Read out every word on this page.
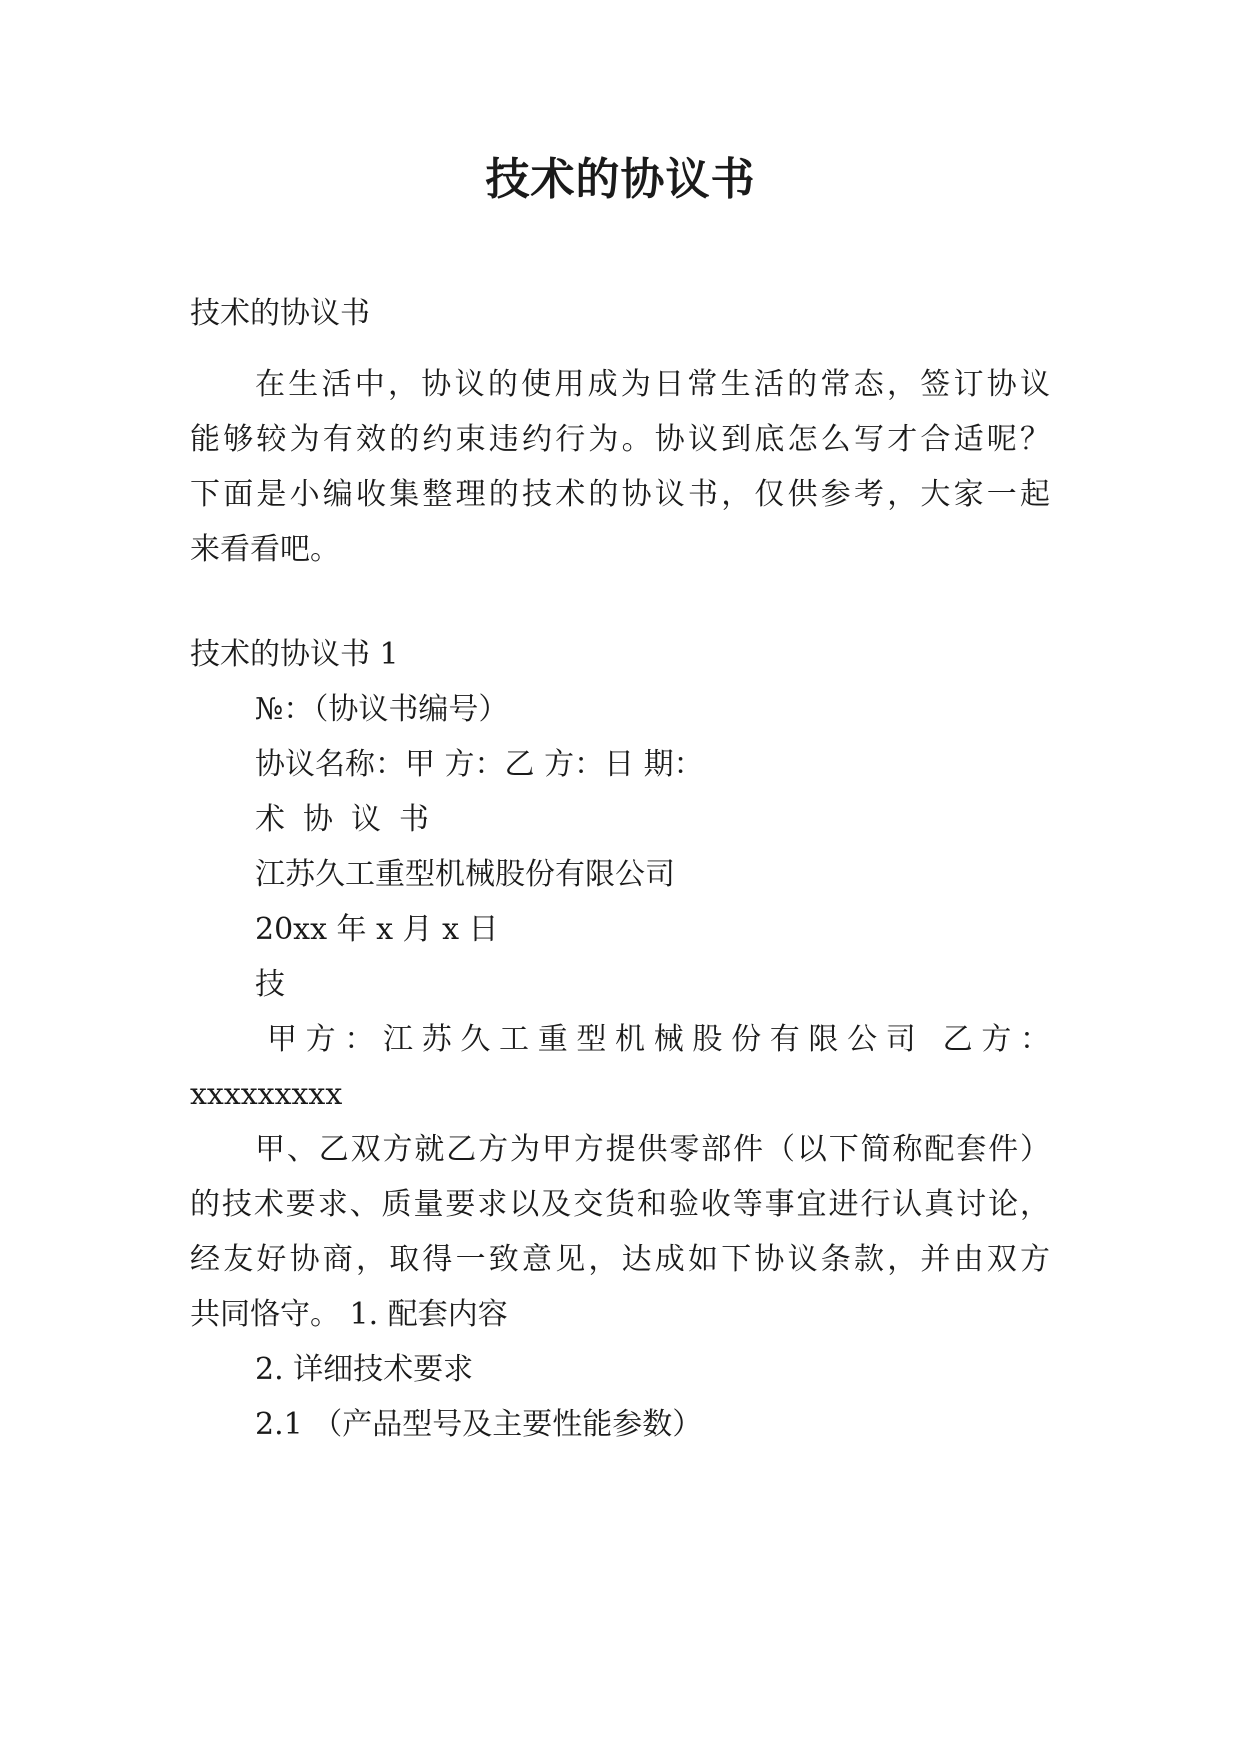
技术的协议书
技术的协议书
在生活中，协议的使用成为日常生活的常态，签订协议
能够较为有效的约束违约行为。协议到底怎么写才合适呢？
下面是小编收集整理的技术的协议书，仅供参考，大家一起
来看看吧。
技术的协议书 1
№：（协议书编号）
协议名称：甲 方：乙 方：日 期：
术协议书
江苏久工重型机械股份有限公司
20xx 年 x 月 x 日
技
甲方：江苏久工重型机械股份有限公司 乙方：
xxxxxxxxx
甲、乙双方就乙方为甲方提供零部件（以下简称配套件）
的技术要求、质量要求以及交货和验收等事宜进行认真讨论，
经友好协商，取得一致意见，达成如下协议条款，并由双方
共同恪守。 1. 配套内容
2. 详细技术要求
2.1 （产品型号及主要性能参数）
